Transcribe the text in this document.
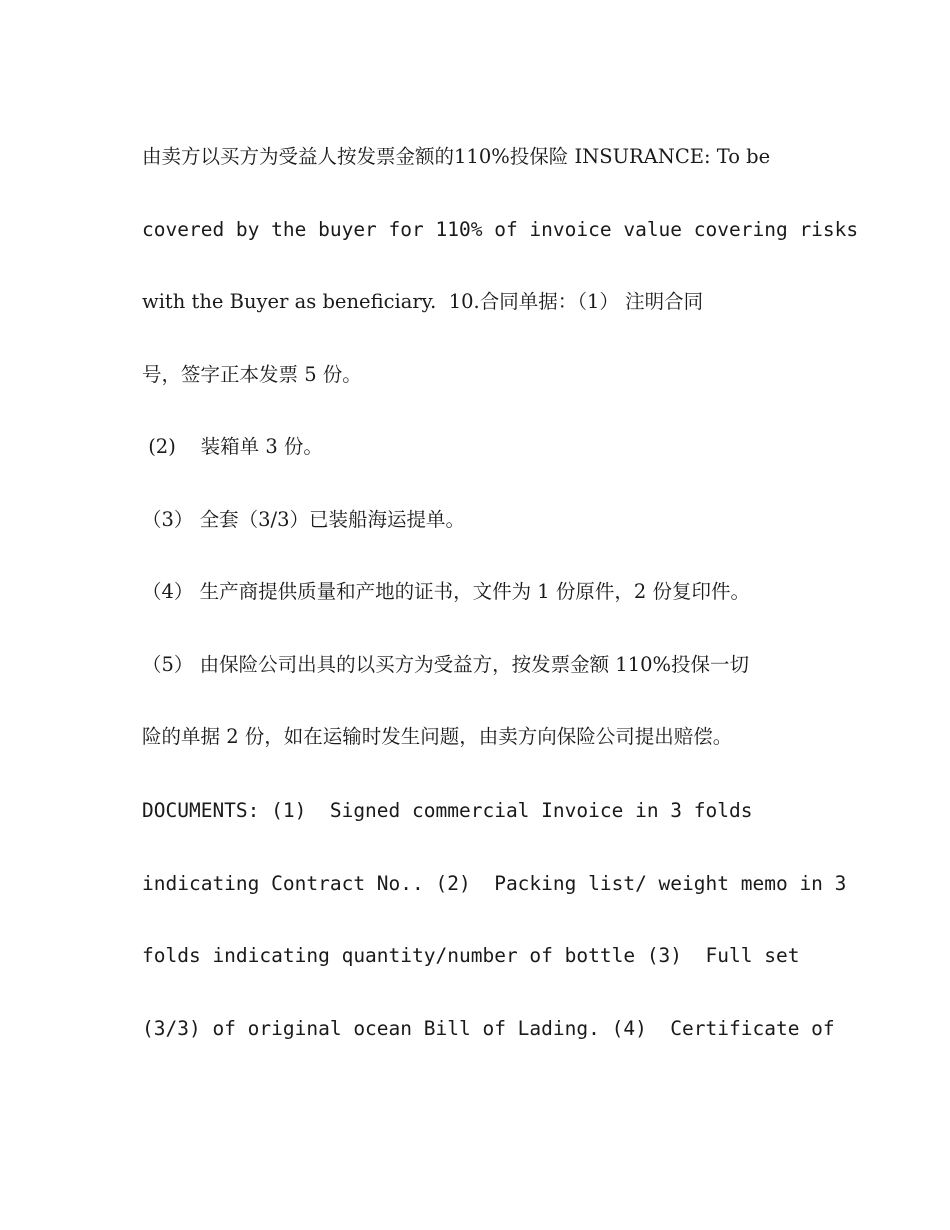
由卖方以买方为受益人按发票金额的110%投保险 INSURANCE: To be
covered by the buyer for 110% of invoice value covering risks
with the Buyer as beneficiary.  10.合同单据：（1） 注明合同
号，签字正本发票 5 份。
(2)    装箱单 3 份。
（3） 全套（3/3）已装船海运提单。
（4） 生产商提供质量和产地的证书，文件为 1 份原件，2 份复印件。
（5） 由保险公司出具的以买方为受益方，按发票金额 110%投保一切
险的单据 2 份，如在运输时发生问题，由卖方向保险公司提出赔偿。
DOCUMENTS: (1)  Signed commercial Invoice in 3 folds
indicating Contract No.. (2)  Packing list/ weight memo in 3
folds indicating quantity/number of bottle (3)  Full set
(3/3) of original ocean Bill of Lading. (4)  Certificate of
